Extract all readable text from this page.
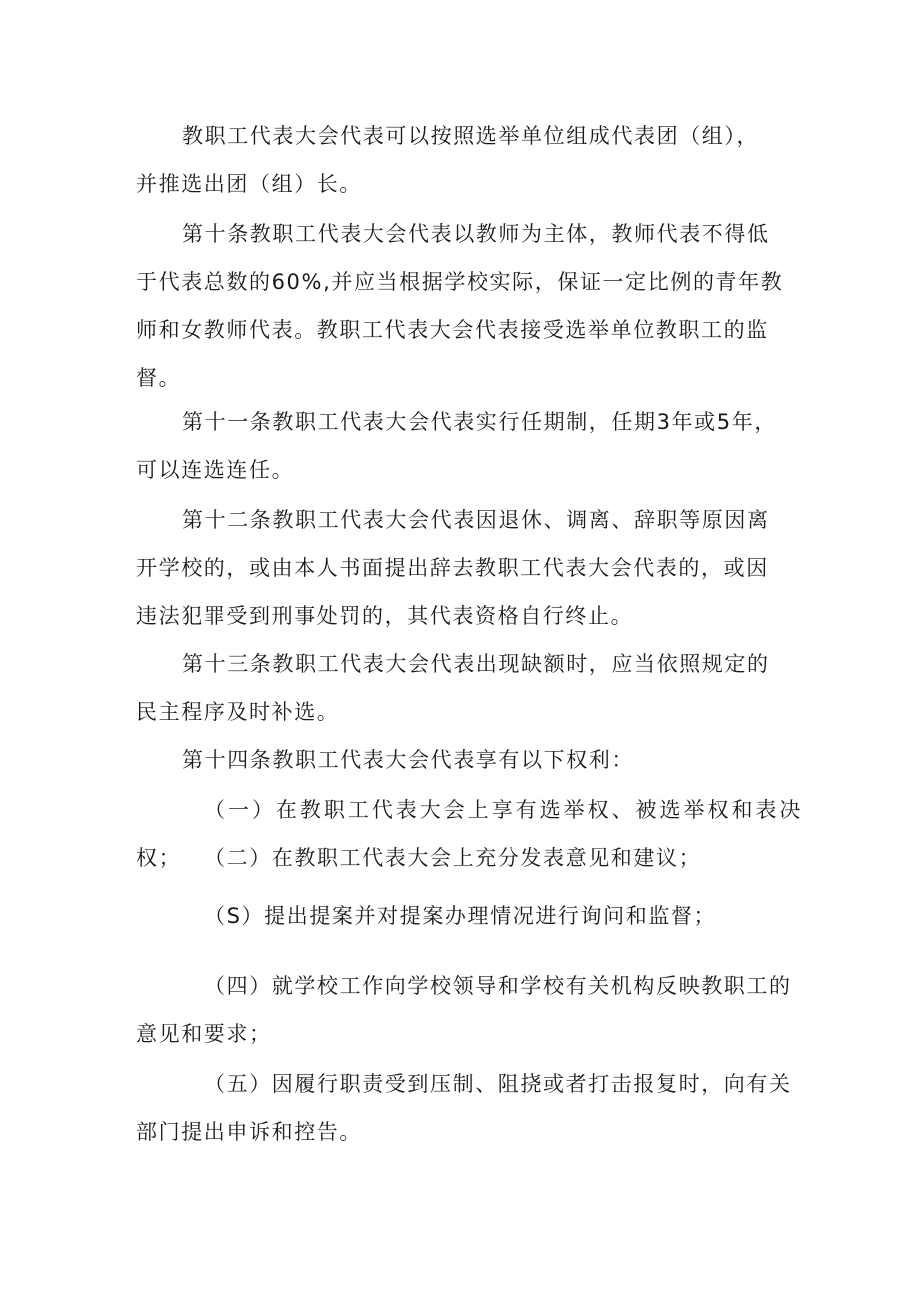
教职工代表大会代表可以按照选举单位组成代表团（组），
并推选出团（组）长。

第十条教职工代表大会代表以教师为主体，教师代表不得低
于代表总数的60%,并应当根据学校实际，保证一定比例的青年教
师和女教师代表。教职工代表大会代表接受选举单位教职工的监
督。

第十一条教职工代表大会代表实行任期制，任期3年或5年，
可以连选连任。

第十二条教职工代表大会代表因退休、调离、辞职等原因离
开学校的，或由本人书面提出辞去教职工代表大会代表的，或因
违法犯罪受到刑事处罚的，其代表资格自行终止。

第十三条教职工代表大会代表出现缺额时，应当依照规定的
民主程序及时补选。

第十四条教职工代表大会代表享有以下权利：

（一）在教职工代表大会上享有选举权、被选举权和表决权；	（二）在教职工代表大会上充分发表意见和建议；

（S）提出提案并对提案办理情况进行询问和监督；

（四）就学校工作向学校领导和学校有关机构反映教职工的
意见和要求；

（五）因履行职责受到压制、阻挠或者打击报复时，向有关
部门提出申诉和控告。
